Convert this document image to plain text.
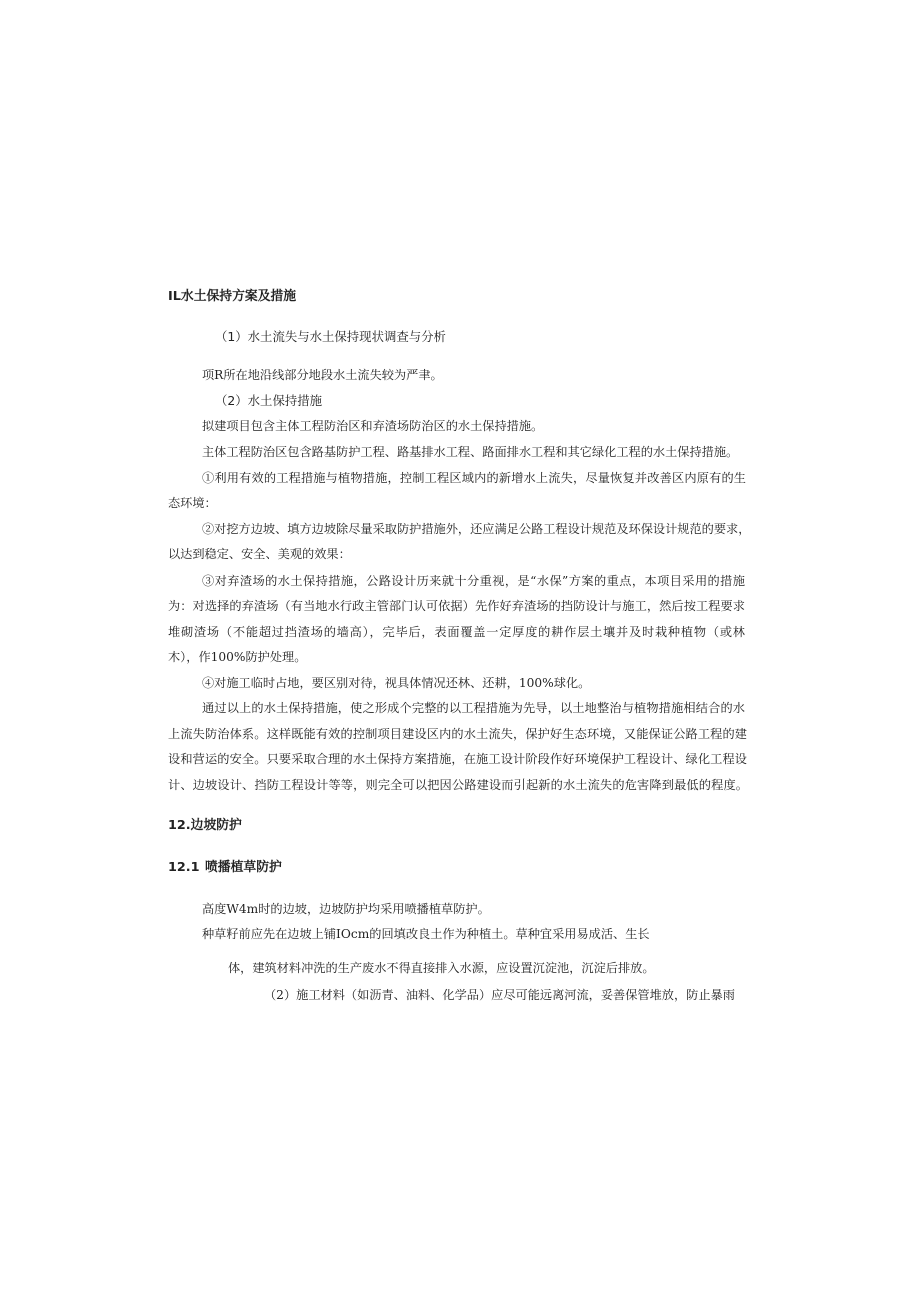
IL水土保持方案及措施
（1）水土流失与水土保持现状调查与分析
项R所在地沿线部分地段水土流失较为严聿。
（2）水土保持措施
拟建项目包含主体工程防治区和弃渣场防治区的水土保持措施。
主体工程防治区包含路基防护工程、路基排水工程、路面排水工程和其它绿化工程的水土保持措施。
①利用有效的工程措施与植物措施，控制工程区域内的新增水上流失，尽量恢复并改善区内原有的生
态环境：
②对挖方边坡、填方边坡除尽量采取防护措施外，还应满足公路工程设计规范及环保设计规范的要求，
以达到稳定、安全、美观的效果：
③对弃渣场的水土保持措施，公路设计历来就十分重视，是“水保”方案的重点，本项目采用的措施
为：对选择的弃渣场（有当地水行政主管部门认可依据）先作好弃渣场的挡防设计与施工，然后按工程要求
堆砌渣场（不能超过挡渣场的墙高），完毕后，表面覆盖一定厚度的耕作层土壤并及时栽种植物（或林
木），作100%防护处理。
④对施工临时占地，要区别对待，视具体情况还林、还耕，100%球化。
通过以上的水土保持措施，使之形成个完整的以工程措施为先导，以土地整治与植物措施相结合的水
上流失防治体系。这样既能有效的控制项目建设区内的水土流失，保护好生态环境，又能保证公路工程的建
设和营运的安全。只要采取合理的水土保持方案措施，在施工设计阶段作好环境保护工程设计、绿化工程设
计、边坡设计、挡防工程设计等等，则完全可以把因公路建设而引起新的水土流失的危害降到最低的程度。
12.边坡防护
12.1 喷播植草防护
高度W4m时的边坡，边坡防护均采用喷播植草防护。
种草籽前应先在边坡上铺IOcm的回填改良土作为种植土。草种宜采用易成活、生长
体，建筑材料冲洗的生产废水不得直接排入水源，应设置沉淀池，沉淀后排放。
（2）施工材料（如沥青、油料、化学品）应尽可能远离河流，妥善保管堆放，防止暴雨
